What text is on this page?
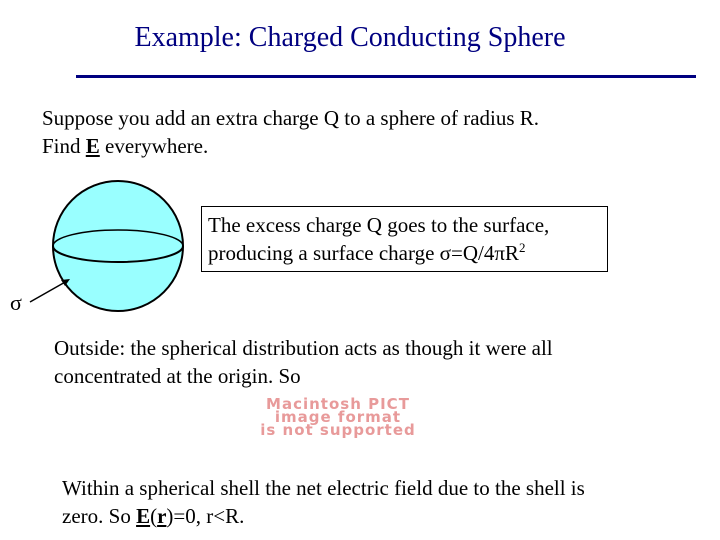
Example: Charged Conducting Sphere
Suppose you add an extra charge Q to a sphere of radius R.
Find E everywhere.
σ
The excess charge Q goes to the surface,
producing a surface charge $\sigma=Q/4\pi R^2$
Outside: the spherical distribution acts as though it were all
concentrated at the origin. So
Macintosh PICT
image format
is not supported
Within a spherical shell the net electric field due to the shell is
zero. So E(r)=0, r<R.
